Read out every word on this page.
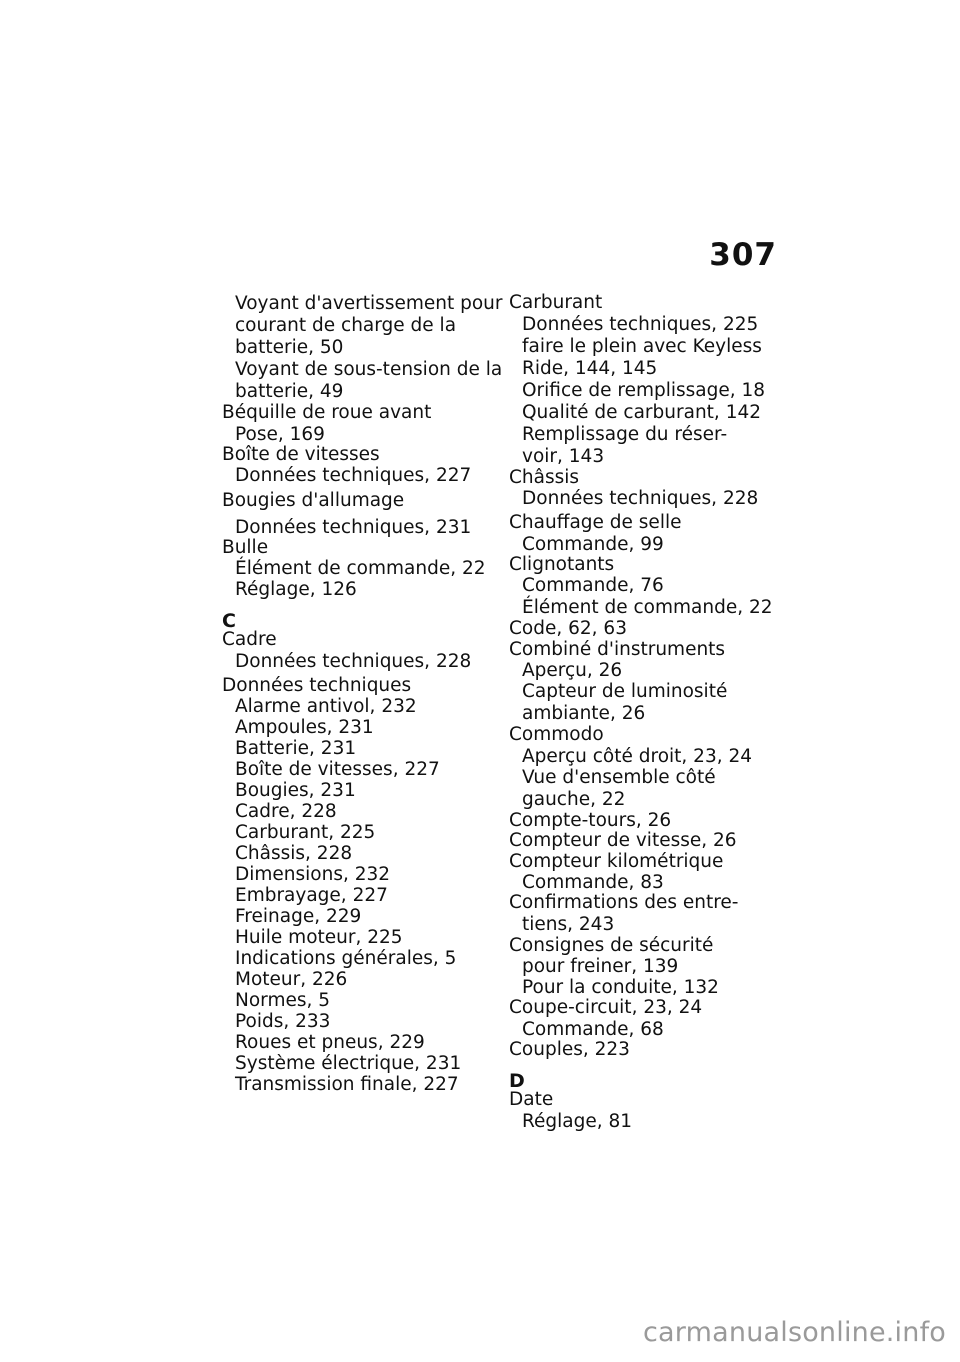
307
Voyant d'avertissement pour
courant de charge de la
batterie, 50
Voyant de sous-tension de la
batterie, 49
Béquille de roue avant
Pose, 169
Boîte de vitesses
Données techniques, 227
Bougies d'allumage
Données techniques, 231
Bulle
Élément de commande, 22
Réglage, 126
C
Cadre
Données techniques, 228
Données techniques
Alarme antivol, 232
Ampoules, 231
Batterie, 231
Boîte de vitesses, 227
Bougies, 231
Cadre, 228
Carburant, 225
Châssis, 228
Dimensions, 232
Embrayage, 227
Freinage, 229
Huile moteur, 225
Indications générales, 5
Moteur, 226
Normes, 5
Poids, 233
Roues et pneus, 229
Système électrique, 231
Transmission finale, 227
Carburant
Données techniques, 225
faire le plein avec Keyless
Ride, 144, 145
Orifice de remplissage, 18
Qualité de carburant, 142
Remplissage du réser-
voir, 143
Châssis
Données techniques, 228
Chauffage de selle
Commande, 99
Clignotants
Commande, 76
Élément de commande, 22
Code, 62, 63
Combiné d'instruments
Aperçu, 26
Capteur de luminosité
ambiante, 26
Commodo
Aperçu côté droit, 23, 24
Vue d'ensemble côté
gauche, 22
Compte-tours, 26
Compteur de vitesse, 26
Compteur kilométrique
Commande, 83
Confirmations des entre-
tiens, 243
Consignes de sécurité
pour freiner, 139
Pour la conduite, 132
Coupe-circuit, 23, 24
Commande, 68
Couples, 223
D
Date
Réglage, 81
carmanualsonline.info
